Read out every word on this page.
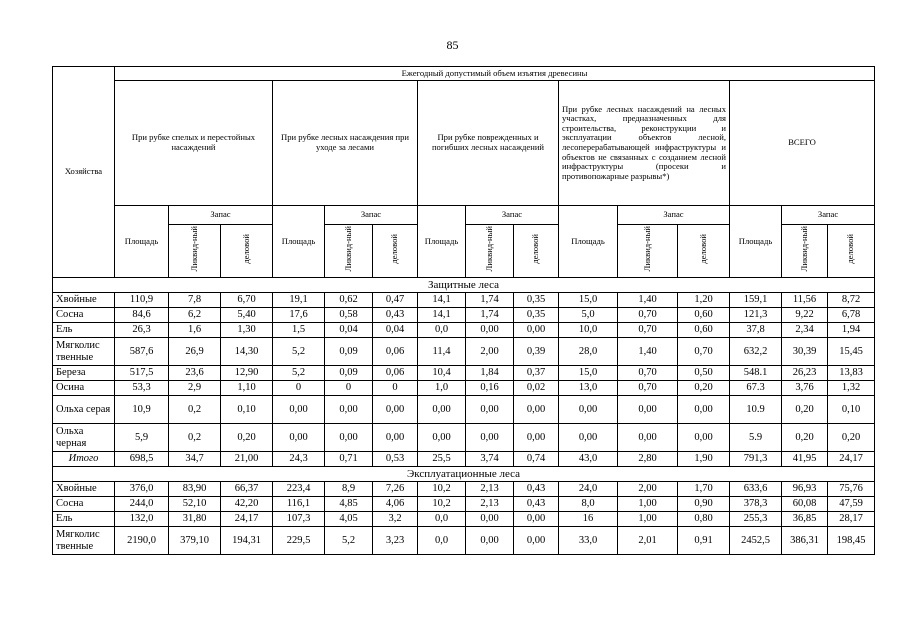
85
Хозяйства	Ежегодный допустимый объем изъятия древесины														
	При рубке спелых и перестойных насаждений			При рубке лесных насаждения при уходе за лесами			При рубке поврежденных и погибших лесных насаждений			При рубке лесных насаждений на лесных участках, предназначенных для строительства, реконструкции и эксплуатации объектов лесной, лесоперерабатывающей инфраструктуры и объектов не связанных с созданием лесной инфраструктуры (просеки и противопожарные разрывы*)			ВСЕГО		
	Площадь	Запас		Площадь	Запас		Площадь	Запас		Площадь	Запас		Площадь	Запас	
		Ликвид-ный	деловой		Ликвид-ный	деловой		Ликвид-ный	деловой		Ликвид-ный	деловой		Ликвид-ный	деловой
Защитные леса															
Хвойные	110,9	7,8	6,70	19,1	0,62	0,47	14,1	1,74	0,35	15,0	1,40	1,20	159,1	11,56	8,72
Сосна	84,6	6,2	5,40	17,6	0,58	0,43	14,1	1,74	0,35	5,0	0,70	0,60	121,3	9,22	6,78
Ель	26,3	1,6	1,30	1,5	0,04	0,04	0,0	0,00	0,00	10,0	0,70	0,60	37,8	2,34	1,94
Мягколис твенные	587,6	26,9	14,30	5,2	0,09	0,06	11,4	2,00	0,39	28,0	1,40	0,70	632,2	30,39	15,45
Береза	517,5	23,6	12,90	5,2	0,09	0,06	10,4	1,84	0,37	15,0	0,70	0,50	548.1	26,23	13,83
Осина	53,3	2,9	1,10	0	0	0	1,0	0,16	0,02	13,0	0,70	0,20	67.3	3,76	1,32
Ольха серая	10,9	0,2	0,10	0,00	0,00	0,00	0,00	0,00	0,00	0,00	0,00	0,00	10.9	0,20	0,10
Ольха черная	5,9	0,2	0,20	0,00	0,00	0,00	0,00	0,00	0,00	0,00	0,00	0,00	5.9	0,20	0,20
Итого	698,5	34,7	21,00	24,3	0,71	0,53	25,5	3,74	0,74	43,0	2,80	1,90	791,3	41,95	24,17
Эксплуатационные леса															
Хвойные	376,0	83,90	66,37	223,4	8,9	7,26	10,2	2,13	0,43	24,0	2,00	1,70	633,6	96,93	75,76
Сосна	244,0	52,10	42,20	116,1	4,85	4,06	10,2	2,13	0,43	8,0	1,00	0,90	378,3	60,08	47,59
Ель	132,0	31,80	24,17	107,3	4,05	3,2	0,0	0,00	0,00	16	1,00	0,80	255,3	36,85	28,17
Мягколис твенные	2190,0	379,10	194,31	229,5	5,2	3,23	0,0	0,00	0,00	33,0	2,01	0,91	2452,5	386,31	198,45
